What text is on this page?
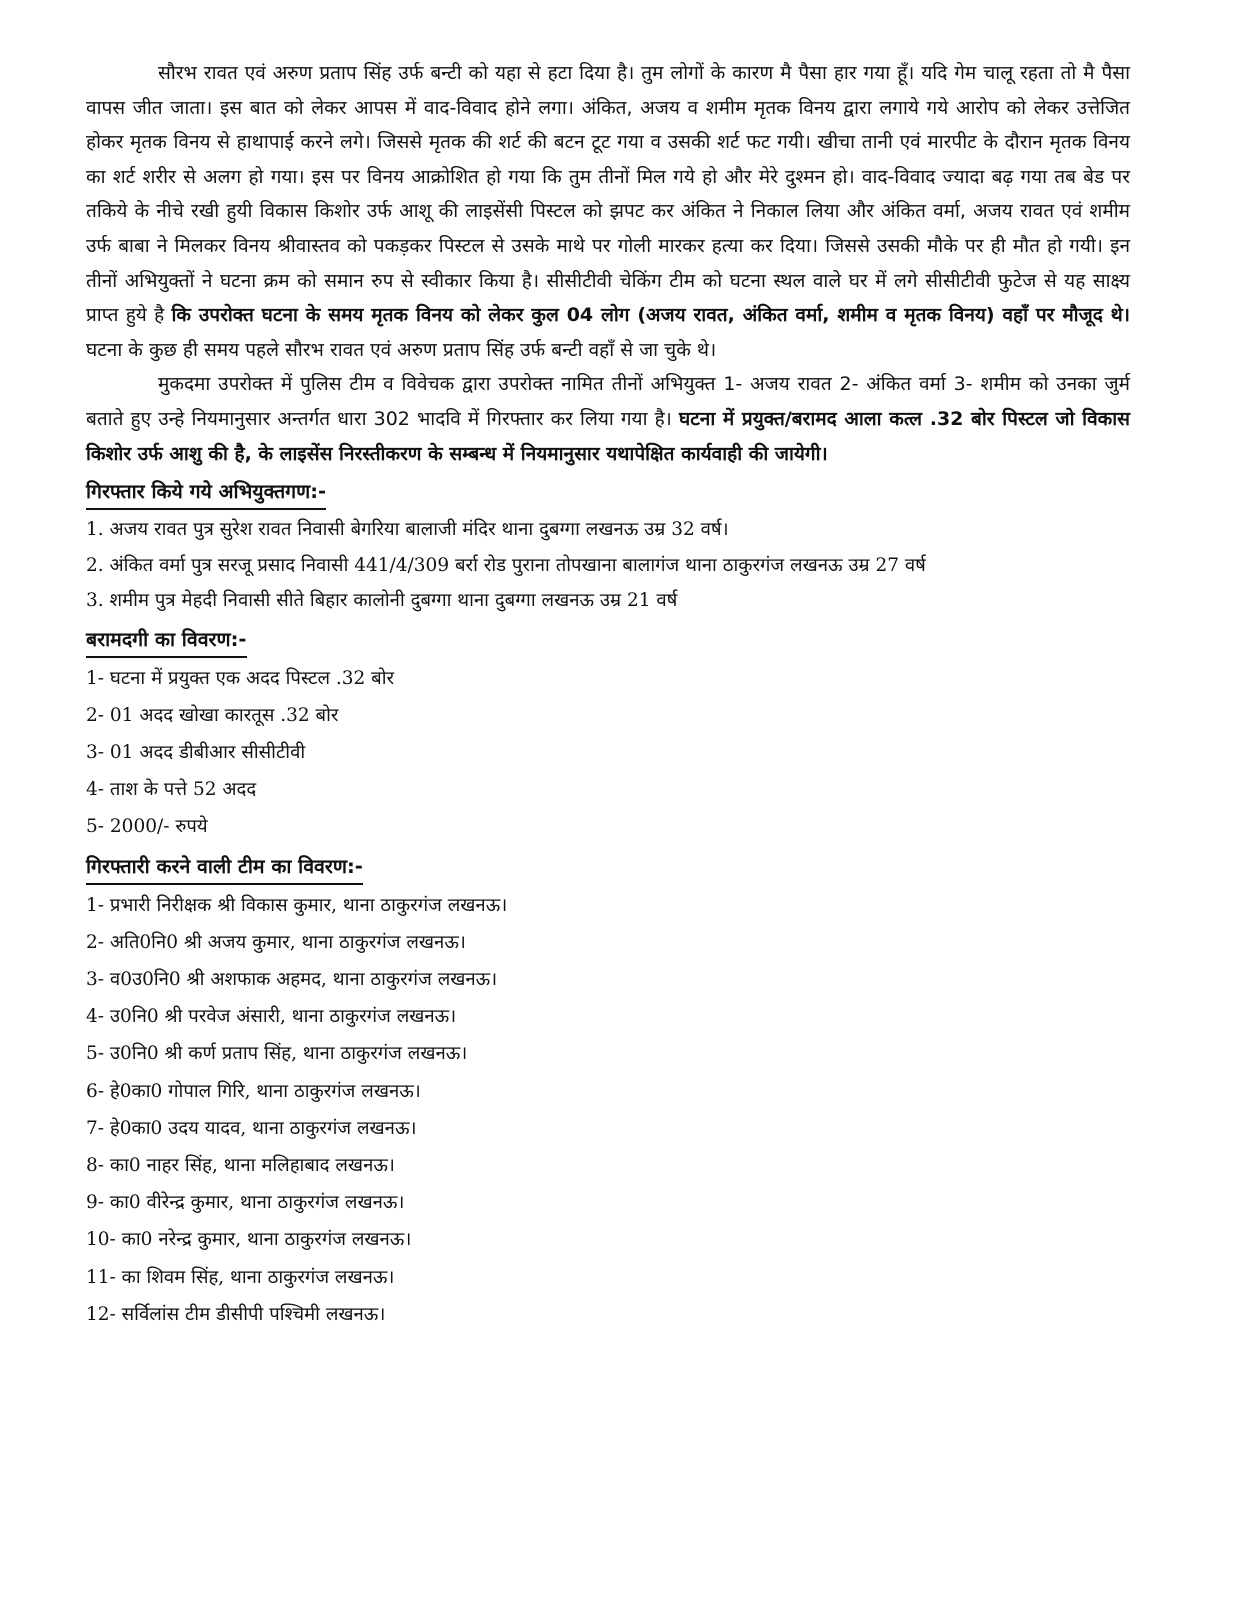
सौरभ रावत एवं अरुण प्रताप सिंह उर्फ बन्टी को यहा से हटा दिया है। तुम लोगों के कारण मै पैसा हार गया हूँ। यदि गेम चालू रहता तो मै पैसा वापस जीत जाता। इस बात को लेकर आपस में वाद-विवाद होने लगा। अंकित, अजय व शमीम मृतक विनय द्वारा लगाये गये आरोप को लेकर उत्तेजित होकर मृतक विनय से हाथापाई करने लगे। जिससे मृतक की शर्ट की बटन टूट गया व उसकी शर्ट फट गयी। खीचा तानी एवं मारपीट के दौरान मृतक विनय का शर्ट शरीर से अलग हो गया। इस पर विनय आक्रोशित हो गया कि तुम तीनों मिल गये हो और मेरे दुश्मन हो। वाद-विवाद ज्यादा बढ़ गया तब बेड पर तकिये के नीचे रखी हुयी विकास किशोर उर्फ आशू की लाइसेंसी पिस्टल को झपट कर अंकित ने निकाल लिया और अंकित वर्मा, अजय रावत एवं शमीम उर्फ बाबा ने मिलकर विनय श्रीवास्तव को पकड़कर पिस्टल से उसके माथे पर गोली मारकर हत्या कर दिया। जिससे उसकी मौके पर ही मौत हो गयी। इन तीनों अभियुक्तों ने घटना क्रम को समान रुप से स्वीकार किया है। सीसीटीवी चेकिंग टीम को घटना स्थल वाले घर में लगे सीसीटीवी फुटेज से यह साक्ष्य प्राप्त हुये है कि उपरोक्त घटना के समय मृतक विनय को लेकर कुल 04 लोग (अजय रावत, अंकित वर्मा, शमीम व मृतक विनय) वहाँ पर मौजूद थे। घटना के कुछ ही समय पहले सौरभ रावत एवं अरुण प्रताप सिंह उर्फ बन्टी वहाँ से जा चुके थे।

मुकदमा उपरोक्त में पुलिस टीम व विवेचक द्वारा उपरोक्त नामित तीनों अभियुक्त 1- अजय रावत 2- अंकित वर्मा 3- शमीम को उनका जुर्म बताते हुए उन्हे नियमानुसार अन्तर्गत धारा 302 भादवि में गिरफ्तार कर लिया गया है। घटना में प्रयुक्त/बरामद आला कत्ल .32 बोर पिस्टल जो विकास किशोर उर्फ आशु की है, के लाइसेंस निरस्तीकरण के सम्बन्ध में नियमानुसार यथापेक्षित कार्यवाही की जायेगी।

गिरफ्तार किये गये अभियुक्तगण:-
1. अजय रावत पुत्र सुरेश रावत निवासी बेगरिया बालाजी मंदिर थाना दुबग्गा लखनऊ उम्र 32 वर्ष।
2. अंकित वर्मा पुत्र सरजू प्रसाद निवासी 441/4/309 बर्रा रोड पुराना तोपखाना बालागंज थाना ठाकुरगंज लखनऊ उम्र 27 वर्ष
3. शमीम पुत्र मेहदी निवासी सीते बिहार कालोनी दुबग्गा थाना दुबग्गा लखनऊ उम्र 21 वर्ष
बरामदगी का विवरण:-
1- घटना में प्रयुक्त एक अदद पिस्टल .32 बोर
2- 01 अदद खोखा कारतूस .32 बोर
3- 01 अदद डीबीआर सीसीटीवी
4- ताश के पत्ते 52 अदद
5- 2000/- रुपये
गिरफ्तारी करने वाली टीम का विवरण:-
1- प्रभारी निरीक्षक श्री विकास कुमार, थाना ठाकुरगंज लखनऊ।
2- अति0नि0 श्री अजय कुमार, थाना ठाकुरगंज लखनऊ।
3- व0उ0नि0 श्री अशफाक अहमद, थाना ठाकुरगंज लखनऊ।
4- उ0नि0 श्री परवेज अंसारी, थाना ठाकुरगंज लखनऊ।
5- उ0नि0 श्री कर्ण प्रताप सिंह, थाना ठाकुरगंज लखनऊ।
6- हे0का0 गोपाल गिरि, थाना ठाकुरगंज लखनऊ।
7- हे0का0 उदय यादव, थाना ठाकुरगंज लखनऊ।
8- का0 नाहर सिंह, थाना मलिहाबाद लखनऊ।
9- का0 वीरेन्द्र कुमार, थाना ठाकुरगंज लखनऊ।
10- का0 नरेन्द्र कुमार, थाना ठाकुरगंज लखनऊ।
11- का शिवम सिंह, थाना ठाकुरगंज लखनऊ।
12- सर्विलांस टीम डीसीपी पश्चिमी लखनऊ।
